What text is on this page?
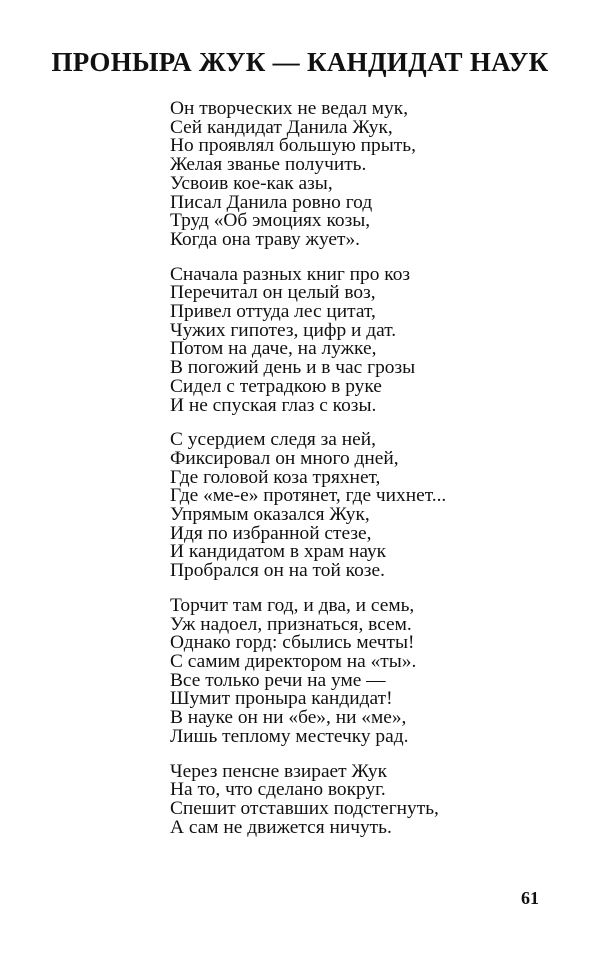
ПРОНЫРА ЖУК — КАНДИДАТ НАУК
Он творческих не ведал мук,
Сей кандидат Данила Жук,
Но проявлял большую прыть,
Желая званье получить.
Усвоив кое-как азы,
Писал Данила ровно год
Труд «Об эмоциях козы,
Когда она траву жует».
Сначала разных книг про коз
Перечитал он целый воз,
Привел оттуда лес цитат,
Чужих гипотез, цифр и дат.
Потом на даче, на лужке,
В погожий день и в час грозы
Сидел с тетрадкою в руке
И не спуская глаз с козы.
С усердием следя за ней,
Фиксировал он много дней,
Где головой коза тряхнет,
Где «ме-е» протянет, где чихнет...
Упрямым оказался Жук,
Идя по избранной стезе,
И кандидатом в храм наук
Пробрался он на той козе.
Торчит там год, и два, и семь,
Уж надоел, признаться, всем.
Однако горд: сбылись мечты!
С самим директором на «ты».
Все только речи на уме —
Шумит проныра кандидат!
В науке он ни «бе», ни «ме»,
Лишь теплому местечку рад.
Через пенсне взирает Жук
На то, что сделано вокруг.
Спешит отставших подстегнуть,
А сам не движется ничуть.
61
